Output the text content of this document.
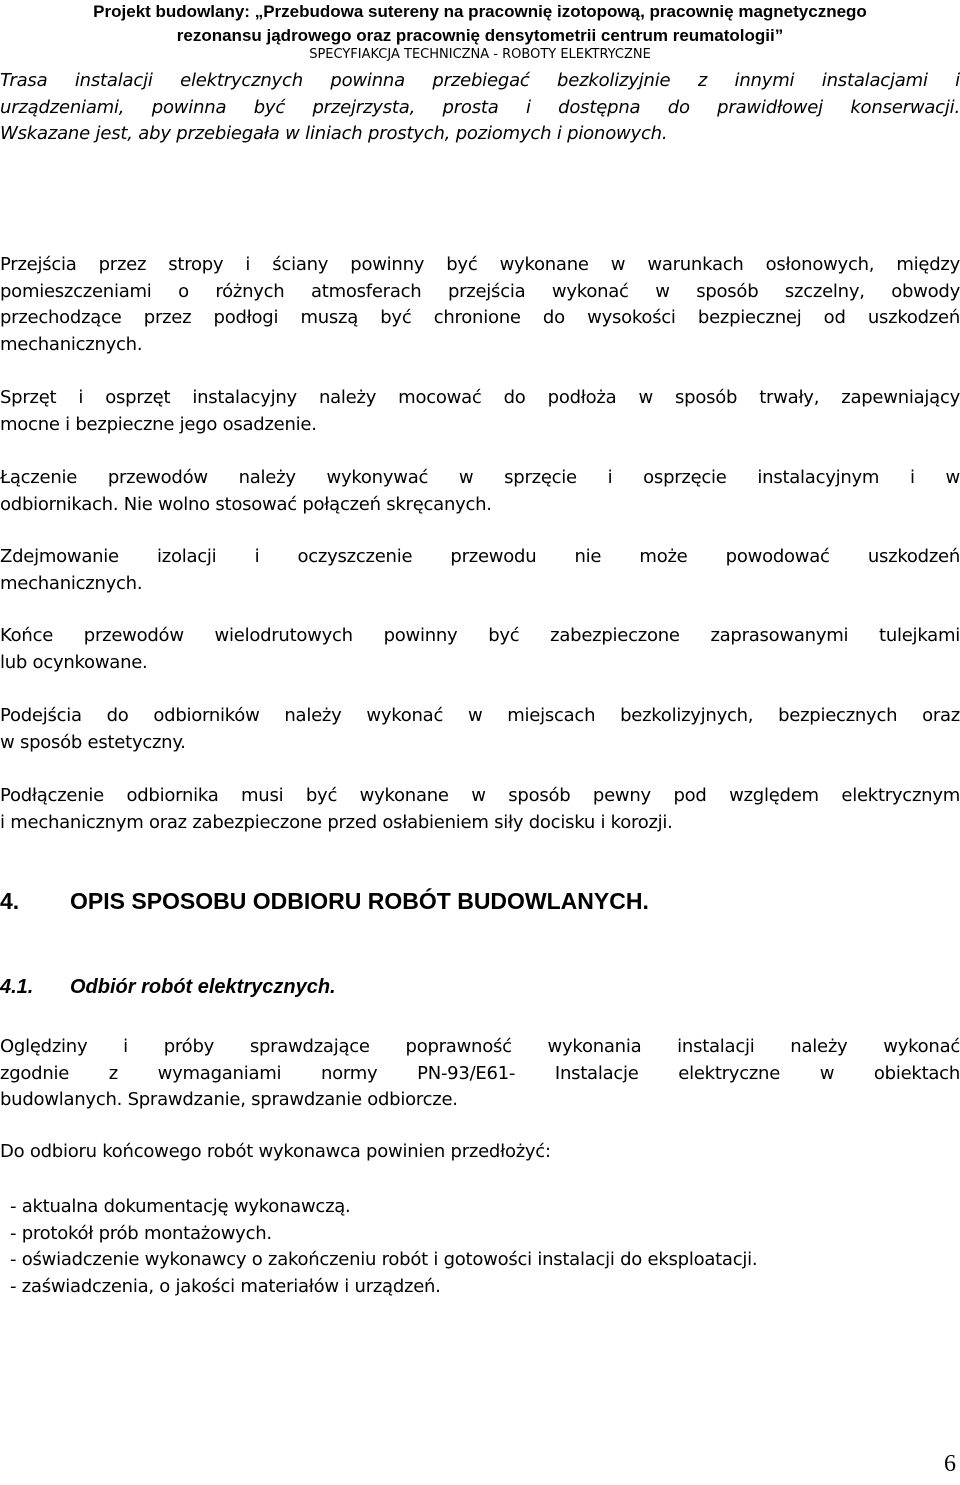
Projekt budowlany: „Przebudowa sutereny na pracownię izotopową, pracownię magnetycznego
rezonansu jądrowego oraz pracownię densytometrii centrum reumatologii”
SPECYFIAKCJA TECHNICZNA - ROBOTY ELEKTRYCZNE
Trasa instalacji elektrycznych powinna przebiegać bezkolizyjnie z innymi instalacjami i
urządzeniami, powinna być przejrzysta, prosta i dostępna do prawidłowej konserwacji.
Wskazane jest, aby przebiegała w liniach prostych, poziomych i pionowych.
Przejścia przez stropy i ściany powinny być wykonane w warunkach osłonowych, między
pomieszczeniami o różnych atmosferach przejścia wykonać w sposób szczelny, obwody
przechodzące przez podłogi muszą być chronione do wysokości bezpiecznej od uszkodzeń
mechanicznych.
Sprzęt i osprzęt instalacyjny należy mocować do podłoża w sposób trwały, zapewniający
mocne i bezpieczne jego osadzenie.
Łączenie przewodów należy wykonywać w sprzęcie i osprzęcie instalacyjnym i w
odbiornikach. Nie wolno stosować połączeń skręcanych.
Zdejmowanie izolacji i oczyszczenie przewodu nie może powodować uszkodzeń
mechanicznych.
Końce przewodów wielodrutowych powinny być zabezpieczone zaprasowanymi tulejkami
lub ocynkowane.
Podejścia do odbiorników należy wykonać w miejscach bezkolizyjnych, bezpiecznych oraz
w sposób estetyczny.
Podłączenie odbiornika musi być wykonane w sposób pewny pod względem elektrycznym
i mechanicznym oraz zabezpieczone przed osłabieniem siły docisku i korozji.
4. OPIS SPOSOBU ODBIORU ROBÓT BUDOWLANYCH.
4.1. Odbiór robót elektrycznych.
Oględziny i próby sprawdzające poprawność wykonania instalacji należy wykonać
zgodnie z wymaganiami normy PN-93/E61- Instalacje elektryczne w obiektach
budowlanych. Sprawdzanie, sprawdzanie odbiorcze.
Do odbioru końcowego robót wykonawca powinien przedłożyć:
- aktualna dokumentację wykonawczą.
- protokół prób montażowych.
- oświadczenie wykonawcy o zakończeniu robót i gotowości instalacji do eksploatacji.
- zaświadczenia, o jakości materiałów i urządzeń.
6
